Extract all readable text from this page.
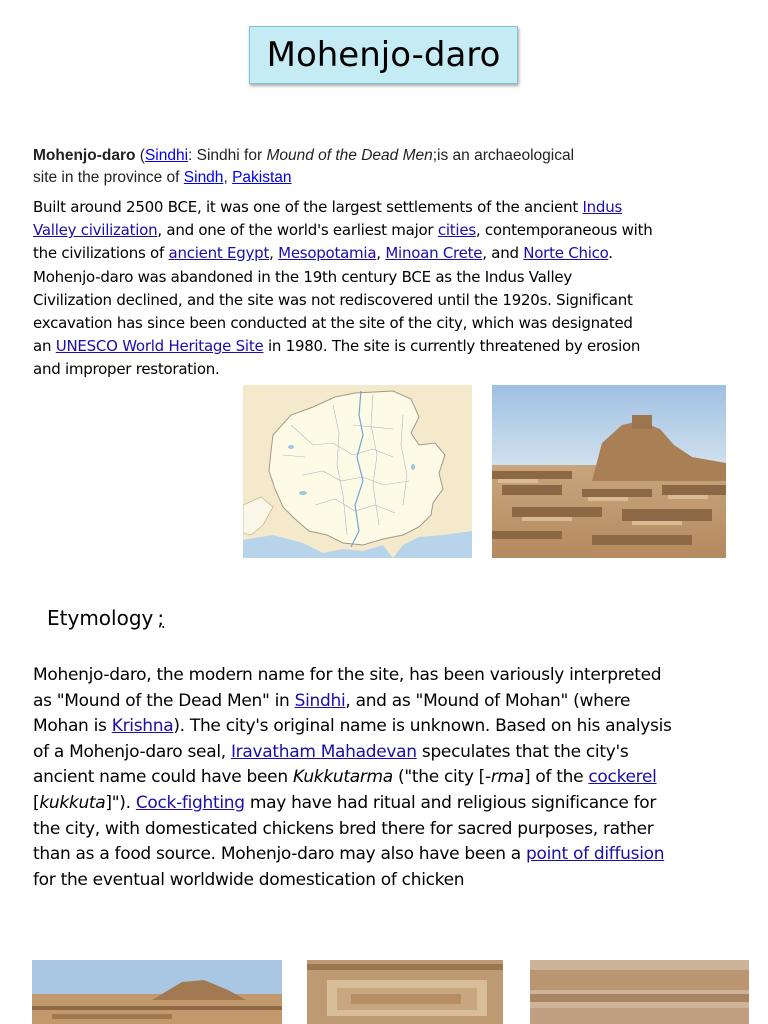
Mohenjo-daro
Mohenjo-daro (Sindhi: Sindhi for Mound of the Dead Men;is an archaeological site in the province of Sindh, Pakistan
Built around 2500 BCE, it was one of the largest settlements of the ancient Indus Valley civilization, and one of the world's earliest major cities, contemporaneous with the civilizations of ancient Egypt, Mesopotamia, Minoan Crete, and Norte Chico. Mohenjo-daro was abandoned in the 19th century BCE as the Indus Valley Civilization declined, and the site was not rediscovered until the 1920s. Significant excavation has since been conducted at the site of the city, which was designated an UNESCO World Heritage Site in 1980. The site is currently threatened by erosion and improper restoration.
Etymology ;
Mohenjo-daro, the modern name for the site, has been variously interpreted as "Mound of the Dead Men" in Sindhi, and as "Mound of Mohan" (where Mohan is Krishna). The city's original name is unknown. Based on his analysis of a Mohenjo-daro seal, Iravatham Mahadevan speculates that the city's ancient name could have been Kukkutarma ("the city [-rma] of the cockerel [kukkuta]"). Cock-fighting may have had ritual and religious significance for the city, with domesticated chickens bred there for sacred purposes, rather than as a food source. Mohenjo-daro may also have been a point of diffusion for the eventual worldwide domestication of chicken
